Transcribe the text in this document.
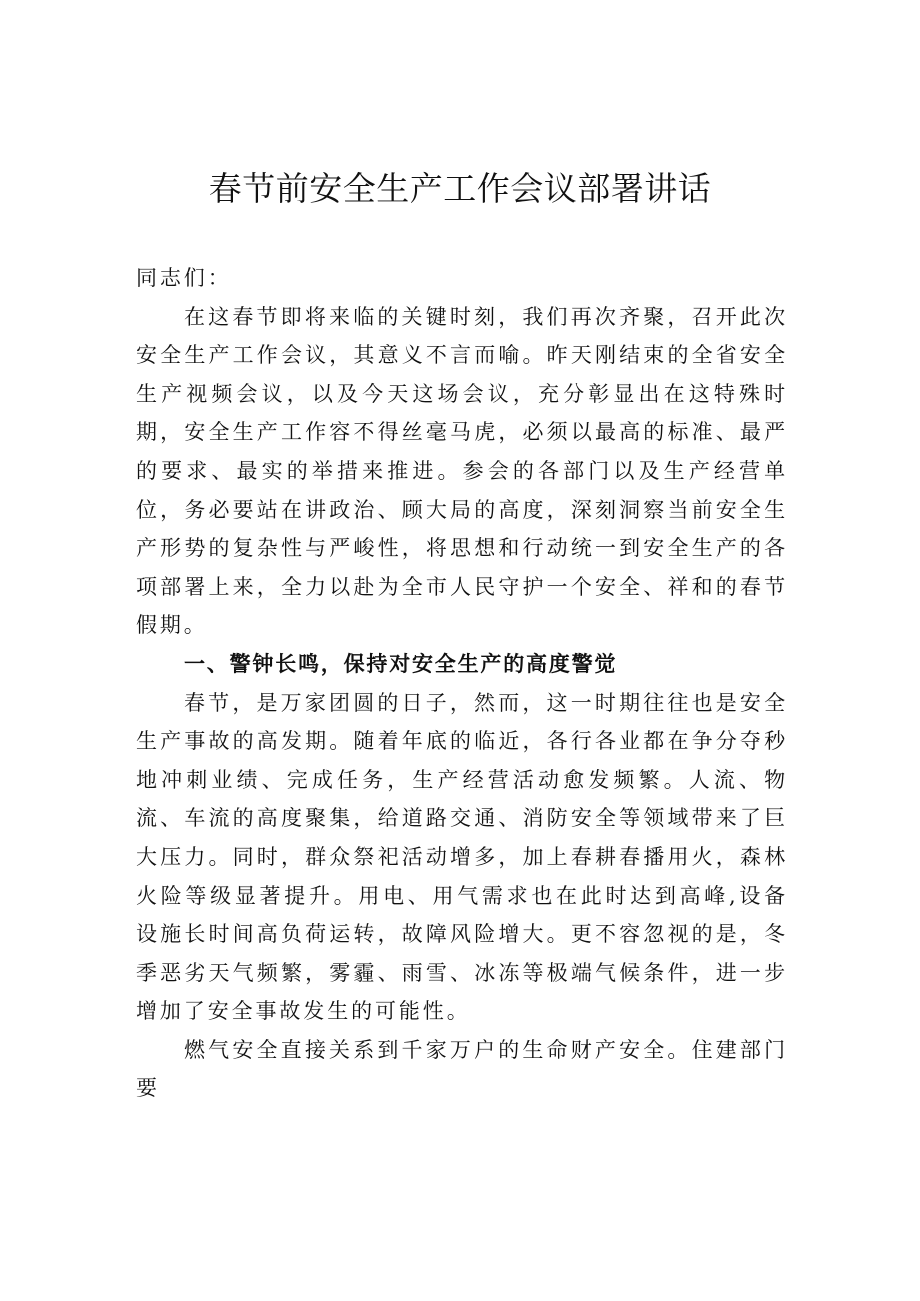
春节前安全生产工作会议部署讲话

同志们：

在这春节即将来临的关键时刻，我们再次齐聚，召开此次安全生产工作会议，其意义不言而喻。昨天刚结束的全省安全生产视频会议，以及今天这场会议，充分彰显出在这特殊时期，安全生产工作容不得丝毫马虎，必须以最高的标准、最严的要求、最实的举措来推进。参会的各部门以及生产经营单位，务必要站在讲政治、顾大局的高度，深刻洞察当前安全生产形势的复杂性与严峻性，将思想和行动统一到安全生产的各项部署上来，全力以赴为全市人民守护一个安全、祥和的春节假期。

一、警钟长鸣，保持对安全生产的高度警觉

春节，是万家团圆的日子，然而，这一时期往往也是安全生产事故的高发期。随着年底的临近，各行各业都在争分夺秒地冲刺业绩、完成任务，生产经营活动愈发频繁。人流、物流、车流的高度聚集，给道路交通、消防安全等领域带来了巨大压力。同时，群众祭祀活动增多，加上春耕春播用火，森林火险等级显著提升。用电、用气需求也在此时达到高峰,设备设施长时间高负荷运转，故障风险增大。更不容忽视的是，冬季恶劣天气频繁，雾霾、雨雪、冰冻等极端气候条件，进一步增加了安全事故发生的可能性。

燃气安全直接关系到千家万户的生命财产安全。住建部门要
